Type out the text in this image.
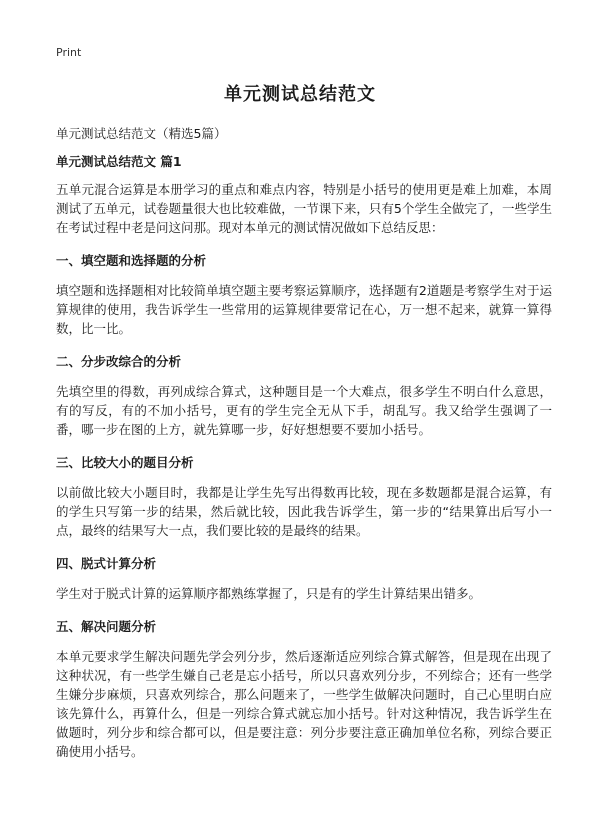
Print
单元测试总结范文
单元测试总结范文（精选5篇）
单元测试总结范文 篇1

五单元混合运算是本册学习的重点和难点内容，特别是小括号的使用更是难上加难，本周测试了五单元，试卷题量很大也比较难做，一节课下来，只有5个学生全做完了，一些学生在考试过程中老是问这问那。现对本单元的测试情况做如下总结反思：

一、填空题和选择题的分析

填空题和选择题相对比较简单填空题主要考察运算顺序，选择题有2道题是考察学生对于运算规律的使用，我告诉学生一些常用的运算规律要常记在心，万一想不起来，就算一算得数，比一比。

二、分步改综合的分析

先填空里的得数，再列成综合算式，这种题目是一个大难点，很多学生不明白什么意思，有的写反，有的不加小括号，更有的学生完全无从下手，胡乱写。我又给学生强调了一番，哪一步在图的上方，就先算哪一步，好好想想要不要加小括号。

三、比较大小的题目分析

以前做比较大小题目时，我都是让学生先写出得数再比较，现在多数题都是混合运算，有的学生只写第一步的结果，然后就比较，因此我告诉学生，第一步的“结果算出后写小一点，最终的结果写大一点，我们要比较的是最终的结果。

四、脱式计算分析

学生对于脱式计算的运算顺序都熟练掌握了，只是有的学生计算结果出错多。

五、解决问题分析

本单元要求学生解决问题先学会列分步，然后逐渐适应列综合算式解答，但是现在出现了这种状况，有一些学生嫌自己老是忘小括号，所以只喜欢列分步，不列综合；还有一些学生嫌分步麻烦，只喜欢列综合，那么问题来了，一些学生做解决问题时，自己心里明白应该先算什么，再算什么，但是一列综合算式就忘加小括号。针对这种情况，我告诉学生在做题时，列分步和综合都可以，但是要注意：列分步要注意正确加单位名称，列综合要正确使用小括号。
